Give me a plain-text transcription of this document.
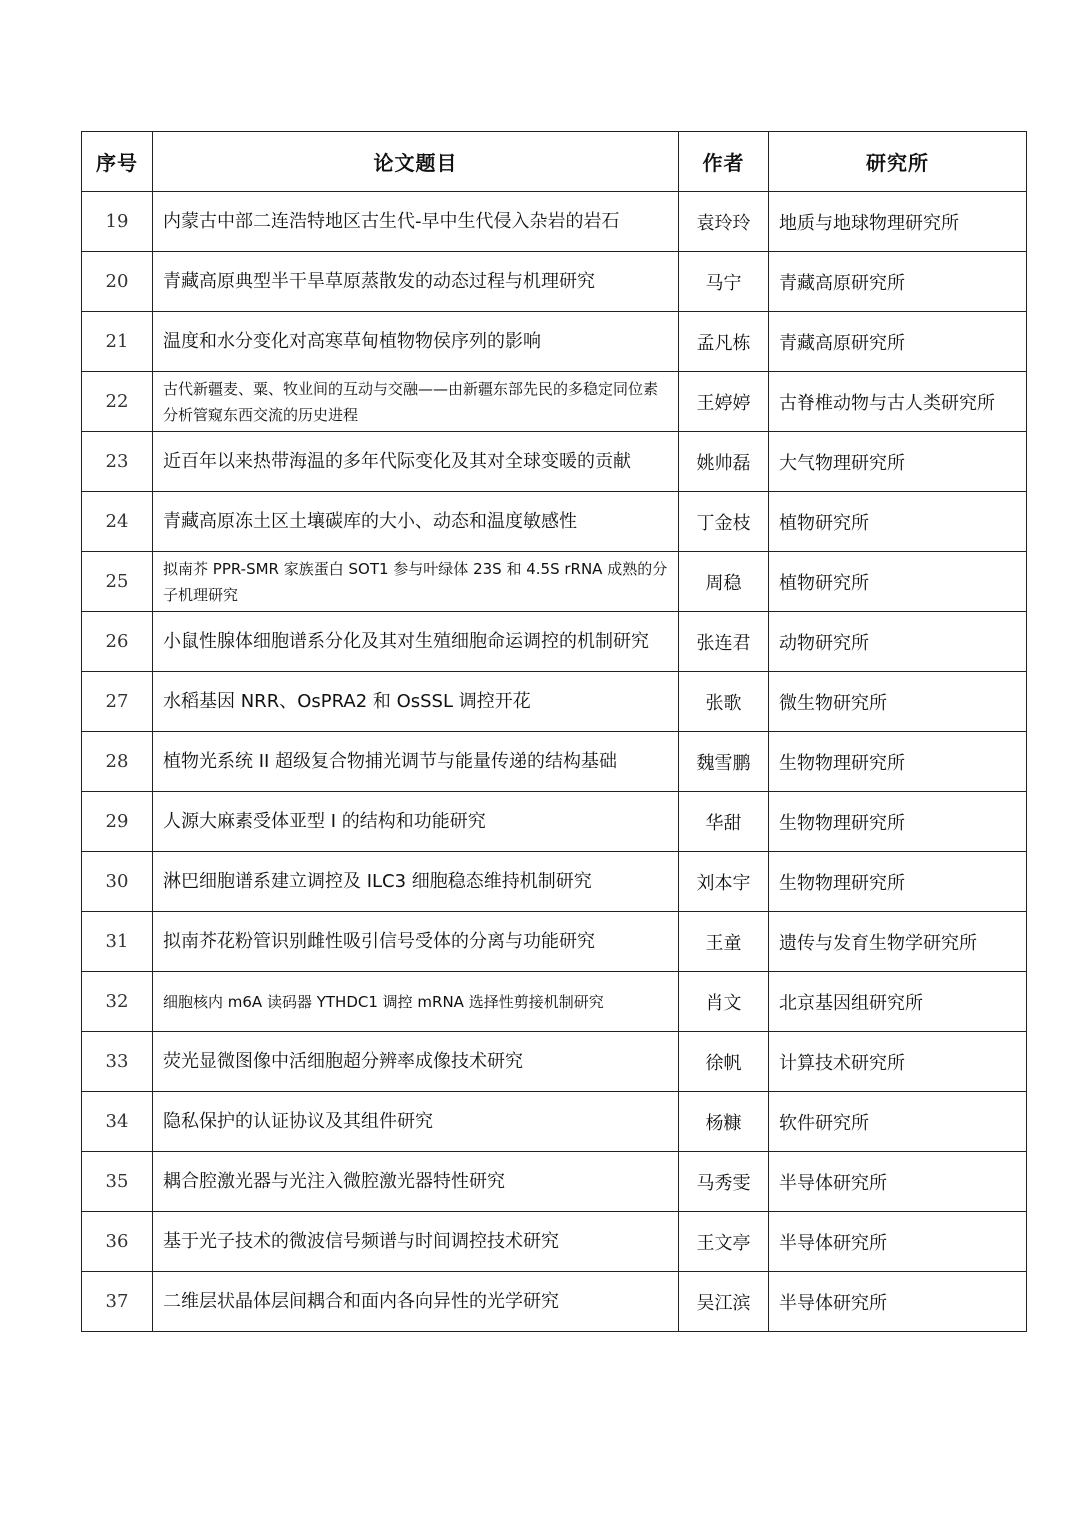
序号	论文题目	作者	研究所
19	内蒙古中部二连浩特地区古生代-早中生代侵入杂岩的岩石	袁玲玲	地质与地球物理研究所
20	青藏高原典型半干旱草原蒸散发的动态过程与机理研究	马宁	青藏高原研究所
21	温度和水分变化对高寒草甸植物物侯序列的影响	孟凡栋	青藏高原研究所
22	古代新疆麦、粟、牧业间的互动与交融——由新疆东部先民的多稳定同位素分析管窥东西交流的历史进程	王婷婷	古脊椎动物与古人类研究所
23	近百年以来热带海温的多年代际变化及其对全球变暖的贡献	姚帅磊	大气物理研究所
24	青藏高原冻土区土壤碳库的大小、动态和温度敏感性	丁金枝	植物研究所
25	拟南芥 PPR-SMR 家族蛋白 SOT1 参与叶绿体 23S 和 4.5S rRNA 成熟的分子机理研究	周稳	植物研究所
26	小鼠性腺体细胞谱系分化及其对生殖细胞命运调控的机制研究	张连君	动物研究所
27	水稻基因 NRR、OsPRA2 和 OsSSL 调控开花	张歌	微生物研究所
28	植物光系统 II 超级复合物捕光调节与能量传递的结构基础	魏雪鹏	生物物理研究所
29	人源大麻素受体亚型 I 的结构和功能研究	华甜	生物物理研究所
30	淋巴细胞谱系建立调控及 ILC3 细胞稳态维持机制研究	刘本宇	生物物理研究所
31	拟南芥花粉管识别雌性吸引信号受体的分离与功能研究	王童	遗传与发育生物学研究所
32	细胞核内 m6A 读码器 YTHDC1 调控 mRNA 选择性剪接机制研究	肖文	北京基因组研究所
33	荧光显微图像中活细胞超分辨率成像技术研究	徐帆	计算技术研究所
34	隐私保护的认证协议及其组件研究	杨糠	软件研究所
35	耦合腔激光器与光注入微腔激光器特性研究	马秀雯	半导体研究所
36	基于光子技术的微波信号频谱与时间调控技术研究	王文亭	半导体研究所
37	二维层状晶体层间耦合和面内各向异性的光学研究	吴江滨	半导体研究所
